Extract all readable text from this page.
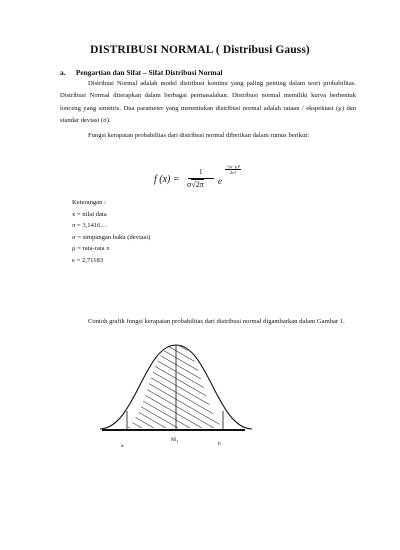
DISTRIBUSI NORMAL ( Distribusi Gauss)
a. Pengartian dan Sifat – Sifat Distribusi Normal
Distribusi Normal adalah model distribusi kontinu yang paling penting dalam teori probabilitas. Distribusi Normal diterapkan dalam berbagai permasalahan. Distribusi normal memiliki kurva berbentuk lonceng yang simetris. Dua parameter yang menentukan distribusi normal adalah rataan / ekspektasi (μ) dan standar deviasi (σ).
Fungsi kerapatan probabilitas dari distribusi normal diberikan dalam rumus berikut:
f (x) =
1
σ√2π e
$\frac{\text{−(x−μ)²}}{\text{2σ²}}$
Keterangan :
x = nilai data
π = 3,1416…
σ = simpangan baku (deviasi)
μ = rata-rata x
e = 2,71183
Contoh grafik fungsi kerapatan probabilitas dari distribusi normal digambarkan dalam Gambar 1.
a
$M_1$	b
